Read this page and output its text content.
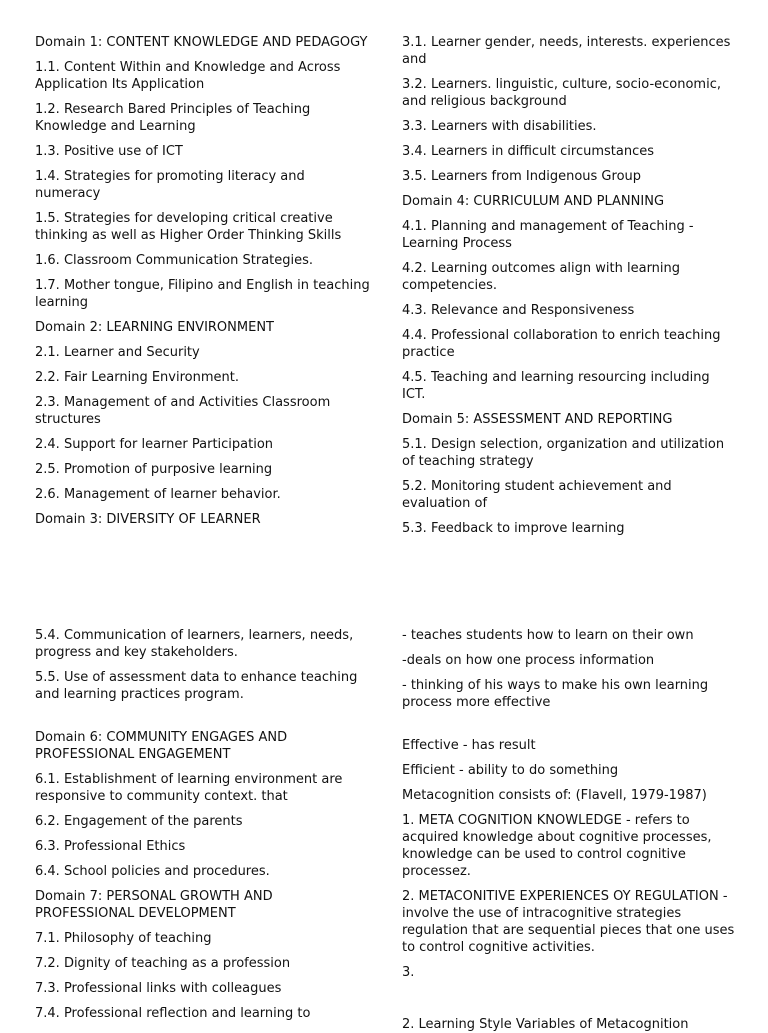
Domain 1: CONTENT KNOWLEDGE AND PEDAGOGY
1.1. Content Within and Knowledge and Across Application Its Application
1.2. Research Bared Principles of Teaching Knowledge and Learning
1.3. Positive use of ICT
1.4. Strategies for promoting literacy and numeracy
1.5. Strategies for developing critical creative thinking as well as Higher Order Thinking Skills
1.6. Classroom Communication Strategies.
1.7. Mother tongue, Filipino and English in teaching learning
Domain 2: LEARNING ENVIRONMENT
2.1. Learner and Security
2.2. Fair Learning Environment.
2.3. Management of and Activities Classroom structures
2.4. Support for learner Participation
2.5. Promotion of purposive learning
2.6. Management of learner behavior.
Domain 3: DIVERSITY OF LEARNER
3.1. Learner gender, needs, interests. experiences and
3.2. Learners. linguistic, culture, socio-economic, and religious background
3.3. Learners with disabilities.
3.4. Learners in difficult circumstances
3.5. Learners from Indigenous Group
Domain 4: CURRICULUM AND PLANNING
4.1. Planning and management of Teaching - Learning Process
4.2. Learning outcomes align with learning competencies.
4.3. Relevance and Responsiveness
4.4. Professional collaboration to enrich teaching practice
4.5. Teaching and learning resourcing including ICT.
Domain 5: ASSESSMENT AND REPORTING
5.1. Design selection, organization and utilization of teaching strategy
5.2. Monitoring student achievement and evaluation of
5.3. Feedback to improve learning
5.4. Communication of learners, learners, needs, progress and key stakeholders.
5.5. Use of assessment data to enhance teaching and learning practices program.
Domain 6: COMMUNITY ENGAGES AND PROFESSIONAL ENGAGEMENT
6.1. Establishment of learning environment are responsive to community context. that
6.2. Engagement of the parents
6.3. Professional Ethics
6.4. School policies and procedures.
Domain 7: PERSONAL GROWTH AND PROFESSIONAL DEVELOPMENT
7.1. Philosophy of teaching
7.2. Dignity of teaching as a profession
7.3. Professional links with colleagues
7.4. Professional reflection and learning to
- teaches students how to learn on their own
-deals on how one process information
- thinking of his ways to make his own learning process more effective
Effective - has result
Efficient - ability to do something
Metacognition consists of: (Flavell, 1979-1987)
1. META COGNITION KNOWLEDGE - refers to acquired knowledge about cognitive processes, knowledge can be used to control cognitive processez.
2. METACONITIVE EXPERIENCES OY REGULATION - involve the use of intracognitive strategies regulation that are sequential pieces that one uses to control cognitive activities.
3.
2. Learning Style Variables of Metacognition
